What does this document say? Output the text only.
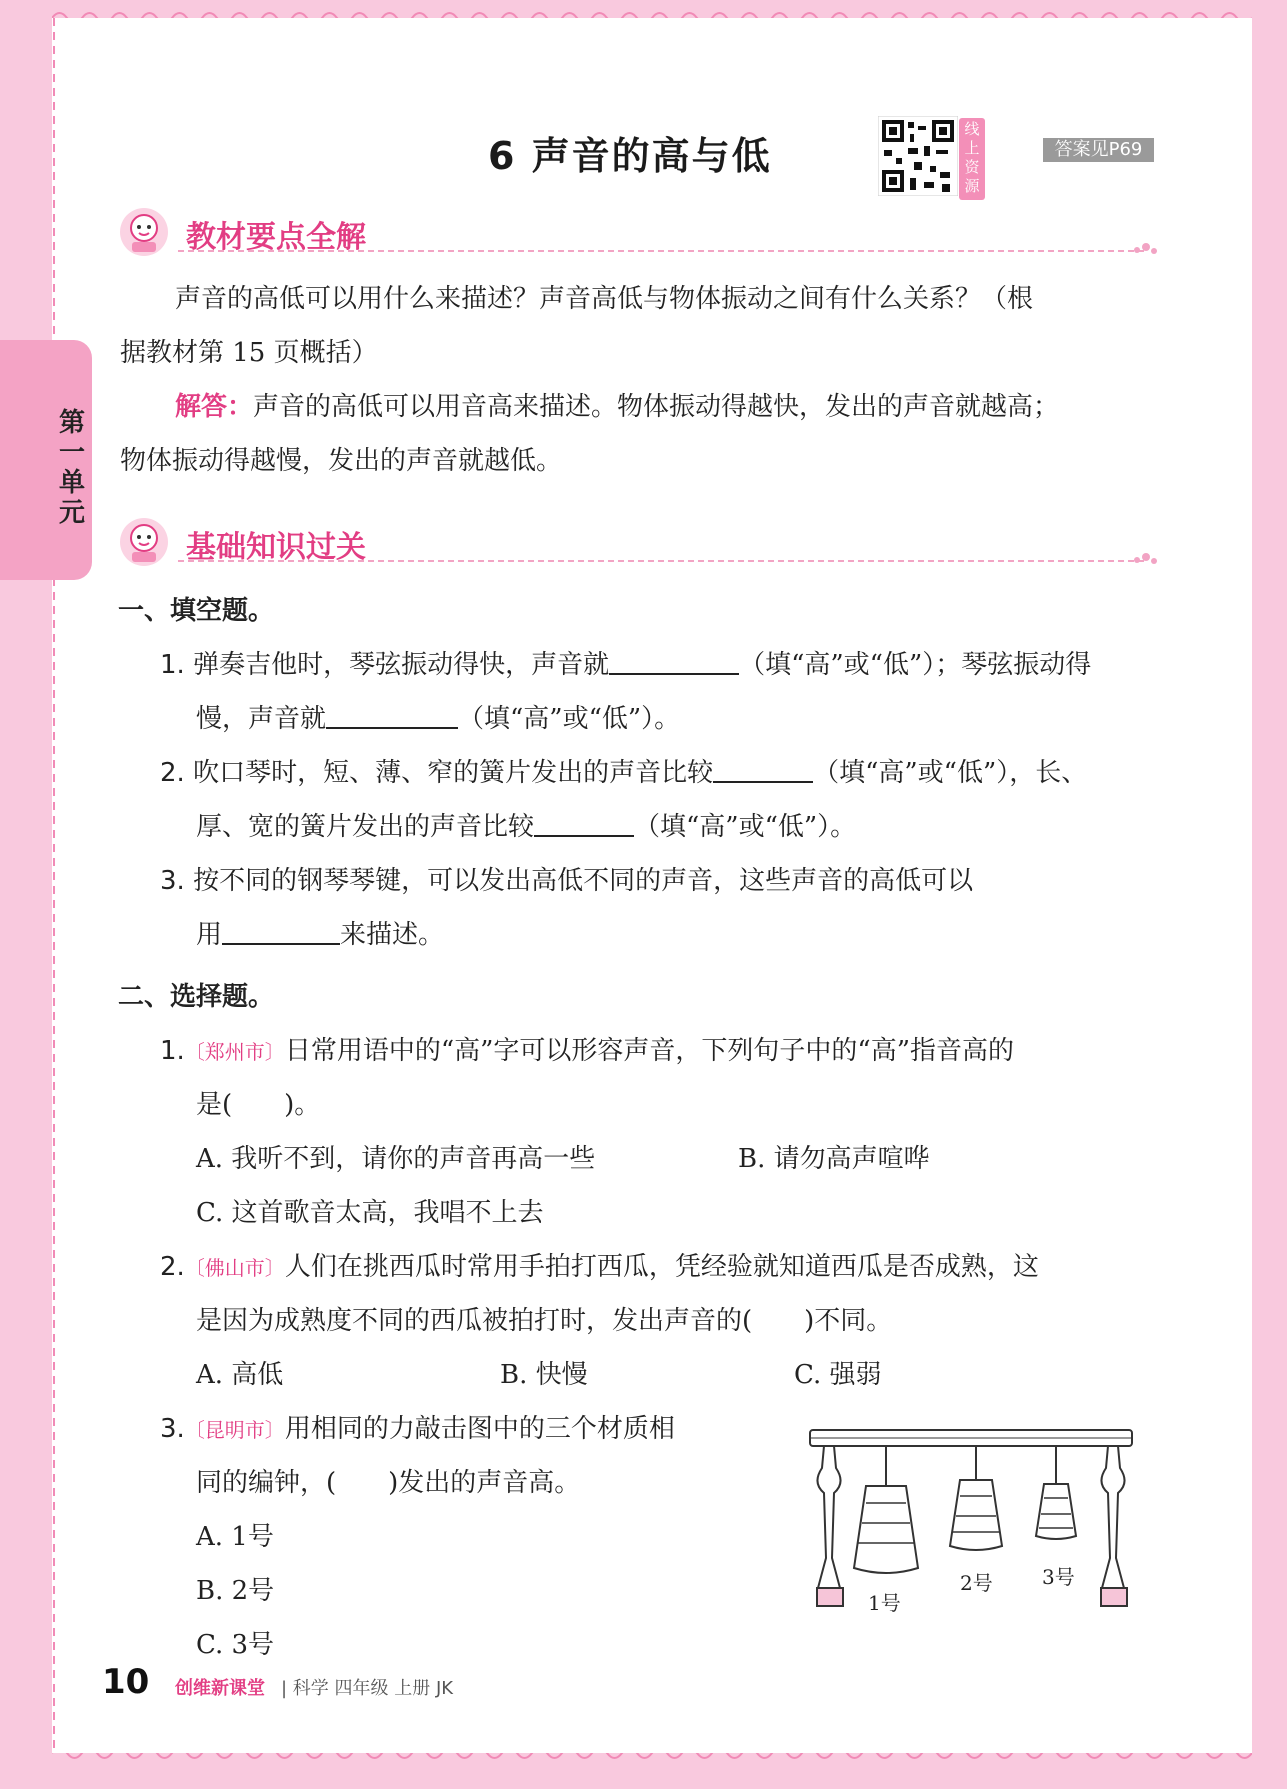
第一单元
6 声音的高与低
线上资源
答案见P69
教材要点全解
声音的高低可以用什么来描述？声音高低与物体振动之间有什么关系？（根
据教材第 15 页概括）
解答：声音的高低可以用音高来描述。物体振动得越快，发出的声音就越高；
物体振动得越慢，发出的声音就越低。
基础知识过关
一、填空题。
1. 弹奏吉他时，琴弦振动得快，声音就	（填“高”或“低”）；琴弦振动得
慢，声音就	（填“高”或“低”）。
2. 吹口琴时，短、薄、窄的簧片发出的声音比较	（填“高”或“低”），长、
厚、宽的簧片发出的声音比较	（填“高”或“低”）。
3. 按不同的钢琴琴键，可以发出高低不同的声音，这些声音的高低可以
用	来描述。
二、选择题。
1.〔郑州市〕日常用语中的“高”字可以形容声音，下列句子中的“高”指音高的
是(　　)。
A. 我听不到，请你的声音再高一些	B. 请勿高声喧哗
C. 这首歌音太高，我唱不上去
2.〔佛山市〕人们在挑西瓜时常用手拍打西瓜，凭经验就知道西瓜是否成熟，这
是因为成熟度不同的西瓜被拍打时，发出声音的(　　)不同。
A. 高低	B. 快慢	C. 强弱
3.〔昆明市〕用相同的力敲击图中的三个材质相
同的编钟，(　　)发出的声音高。
A. 1号
B. 2号
C. 3号
1号
2号 3号
10 创维新课堂 | 科学 四年级 上册 JK
